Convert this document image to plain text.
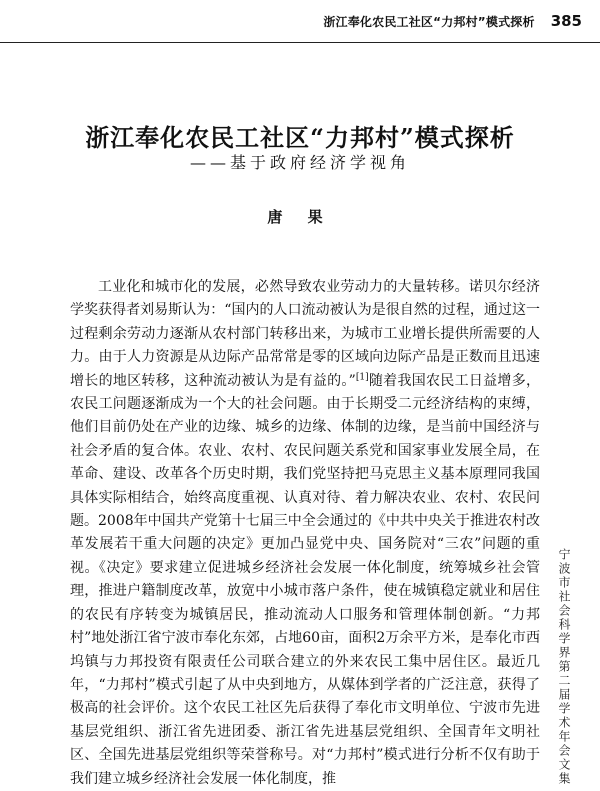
浙江奉化农民工社区“力邦村”模式探析 385
浙江奉化农民工社区“力邦村”模式探析
——基于政府经济学视角
唐 果

工业化和城市化的发展，必然导致农业劳动力的大量转移。诺贝尔经济学奖获得者刘易斯认为：“国内的人口流动被认为是很自然的过程，通过这一过程剩余劳动力逐渐从农村部门转移出来，为城市工业增长提供所需要的人力。由于人力资源是从边际产品常常是零的区域向边际产品是正数而且迅速增长的地区转移，这种流动被认为是有益的。”[1]随着我国农民工日益增多，农民工问题逐渐成为一个大的社会问题。由于长期受二元经济结构的束缚，他们目前仍处在产业的边缘、城乡的边缘、体制的边缘，是当前中国经济与社会矛盾的复合体。农业、农村、农民问题关系党和国家事业发展全局，在革命、建设、改革各个历史时期，我们党坚持把马克思主义基本原理同我国具体实际相结合，始终高度重视、认真对待、着力解决农业、农村、农民问题。2008年中国共产党第十七届三中全会通过的《中共中央关于推进农村改革发展若干重大问题的决定》更加凸显党中央、国务院对“三农”问题的重视。《决定》要求建立促进城乡经济社会发展一体化制度，统筹城乡社会管理，推进户籍制度改革，放宽中小城市落户条件，使在城镇稳定就业和居住的农民有序转变为城镇居民，推动流动人口服务和管理体制创新。“力邦村”地处浙江省宁波市奉化东郊，占地60亩，面积2万余平方米，是奉化市西坞镇与力邦投资有限责任公司联合建立的外来农民工集中居住区。最近几年，“力邦村”模式引起了从中央到地方，从媒体到学者的广泛注意，获得了极高的社会评价。这个农民工社区先后获得了奉化市文明单位、宁波市先进基层党组织、浙江省先进团委、浙江省先进基层党组织、全国青年文明社区、全国先进基层党组织等荣誉称号。对“力邦村”模式进行分析不仅有助于我们建立城乡经济社会发展一体化制度，推	宁波市社会科学界第二届学术年会文集
